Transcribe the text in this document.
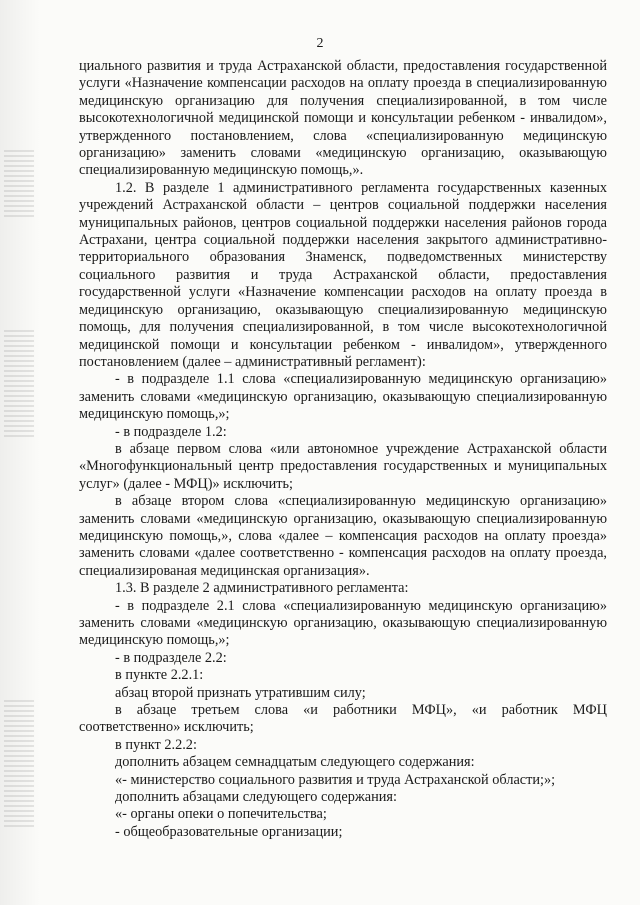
2

циального развития и труда Астраханской области, предоставления государственной услуги «Назначение компенсации расходов на оплату проезда в специализированную медицинскую организацию для получения специализированной, в том числе высокотехнологичной медицинской помощи и консультации ребенком - инвалидом», утвержденного постановлением, слова «специализированную медицинскую организацию» заменить словами «медицинскую организацию, оказывающую специализированную медицинскую помощь,».

1.2. В разделе 1 административного регламента государственных казенных учреждений Астраханской области – центров социальной поддержки населения муниципальных районов, центров социальной поддержки населения районов города Астрахани, центра социальной поддержки населения закрытого административно-территориального образования Знаменск, подведомственных министерству социального развития и труда Астраханской области, предоставления государственной услуги «Назначение компенсации расходов на оплату проезда в медицинскую организацию, оказывающую специализированную медицинскую помощь, для получения специализированной, в том числе высокотехнологичной медицинской помощи и консультации ребенком - инвалидом», утвержденного постановлением (далее – административный регламент):

- в подразделе 1.1 слова «специализированную медицинскую организацию» заменить словами «медицинскую организацию, оказывающую специализированную медицинскую помощь,»;

- в подразделе 1.2:

в абзаце первом слова «или автономное учреждение Астраханской области «Многофункциональный центр предоставления государственных и муниципальных услуг» (далее - МФЦ)» исключить;

в абзаце втором слова «специализированную медицинскую организацию» заменить словами «медицинскую организацию, оказывающую специализированную медицинскую помощь,», слова «далее – компенсация расходов на оплату проезда» заменить словами «далее соответственно - компенсация расходов на оплату проезда, специализированая медицинская организация».

1.3. В разделе 2 административного регламента:

- в подразделе 2.1 слова «специализированную медицинскую организацию» заменить словами «медицинскую организацию, оказывающую специализированную медицинскую помощь,»;

- в подразделе 2.2:

в пункте 2.2.1:

абзац второй признать утратившим силу;

в абзаце третьем слова «и работники МФЦ», «и работник МФЦ соответственно» исключить;

в пункт 2.2.2:

дополнить абзацем семнадцатым следующего содержания:

«- министерство социального развития и труда Астраханской области;»;

дополнить абзацами следующего содержания:

«- органы опеки о попечительства;

- общеобразовательные организации;
